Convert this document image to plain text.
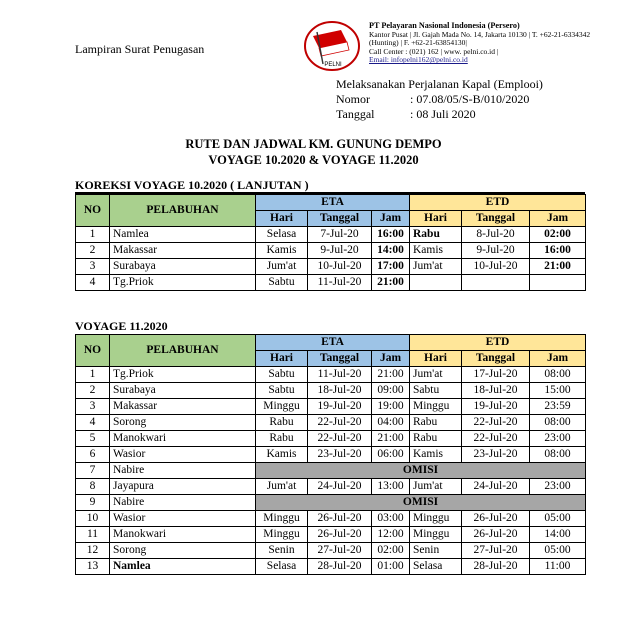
Lampiran Surat Penugasan
PELNI
PT Pelayaran Nasional Indonesia (Persero)
Kantor Pusat | Jl. Gajah Mada No. 14, Jakarta 10130 | T. +62-21-6334342
(Hunting) | F. +62-21-63854130|
Call Center : (021) 162 | www. pelni.co.id |
Email: infopelni162@pelni.co.id
Melaksanakan Perjalanan Kapal (Emplooi)
Nomor	: 07.08/05/S-B/010/2020
Tanggal	: 08 Juli 2020
RUTE DAN JADWAL KM. GUNUNG DEMPO
VOYAGE 10.2020 & VOYAGE 11.2020
KOREKSI VOYAGE 10.2020 ( LANJUTAN )
NO	PELABUHAN	ETA			ETD		
		Hari	Tanggal	Jam	Hari	Tanggal	Jam
1	Namlea	Selasa	7-Jul-20	16:00	Rabu	8-Jul-20	02:00
2	Makassar	Kamis	9-Jul-20	14:00	Kamis	9-Jul-20	16:00
3	Surabaya	Jum'at	10-Jul-20	17:00	Jum'at	10-Jul-20	21:00
4	Tg.Priok	Sabtu	11-Jul-20	21:00			
VOYAGE 11.2020
NO	PELABUHAN	ETA			ETD		
		Hari	Tanggal	Jam	Hari	Tanggal	Jam
1	Tg.Priok	Sabtu	11-Jul-20	21:00	Jum'at	17-Jul-20	08:00
2	Surabaya	Sabtu	18-Jul-20	09:00	Sabtu	18-Jul-20	15:00
3	Makassar	Minggu	19-Jul-20	19:00	Minggu	19-Jul-20	23:59
4	Sorong	Rabu	22-Jul-20	04:00	Rabu	22-Jul-20	08:00
5	Manokwari	Rabu	22-Jul-20	21:00	Rabu	22-Jul-20	23:00
6	Wasior	Kamis	23-Jul-20	06:00	Kamis	23-Jul-20	08:00
7	Nabire	OMISI					
8	Jayapura	Jum'at	24-Jul-20	13:00	Jum'at	24-Jul-20	23:00
9	Nabire	OMISI					
10	Wasior	Minggu	26-Jul-20	03:00	Minggu	26-Jul-20	05:00
11	Manokwari	Minggu	26-Jul-20	12:00	Minggu	26-Jul-20	14:00
12	Sorong	Senin	27-Jul-20	02:00	Senin	27-Jul-20	05:00
13	Namlea	Selasa	28-Jul-20	01:00	Selasa	28-Jul-20	11:00
